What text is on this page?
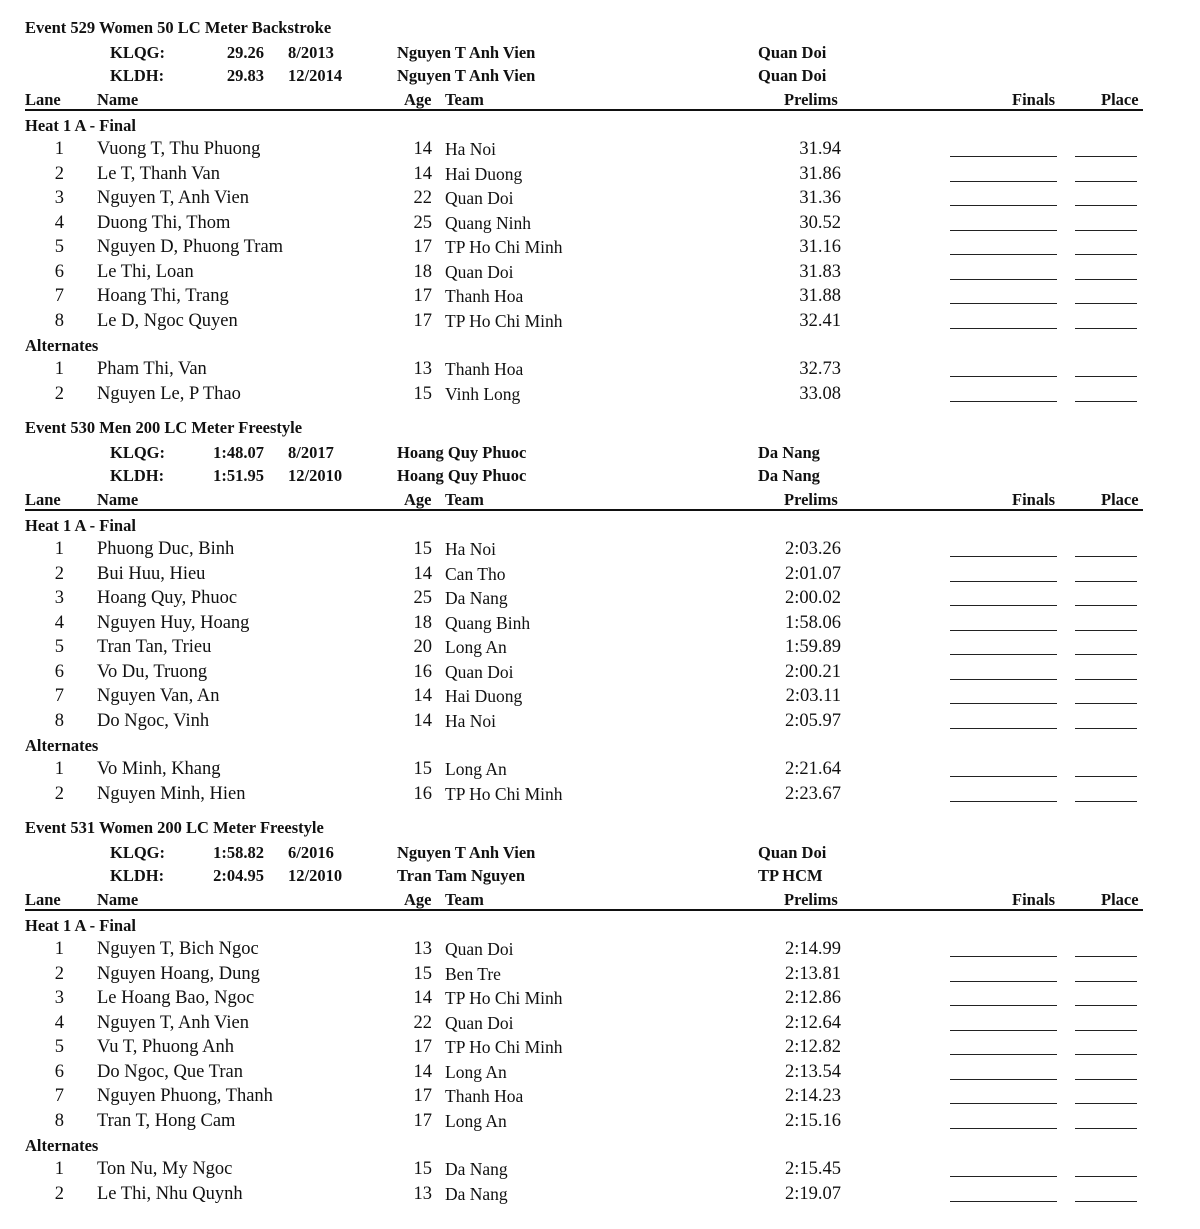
Event 529 Women 50 LC Meter Backstroke
KLQG:	29.26 8/2013	Nguyen T Anh Vien	Quan Doi
KLDH:	29.83 12/2014	Nguyen T Anh Vien	Quan Doi
Lane Name	Age Team	Prelims	Finals	Place
Heat 1 A - Final
1 Vuong T, Thu Phuong	14 Ha Noi	31.94
2 Le T, Thanh Van	14 Hai Duong	31.86
3 Nguyen T, Anh Vien	22 Quan Doi	31.36
4 Duong Thi, Thom	25 Quang Ninh	30.52
5 Nguyen D, Phuong Tram	17 TP Ho Chi Minh	31.16
6 Le Thi, Loan	18 Quan Doi	31.83
7 Hoang Thi, Trang	17 Thanh Hoa	31.88
8 Le D, Ngoc Quyen	17 TP Ho Chi Minh	32.41
Alternates
1 Pham Thi, Van	13 Thanh Hoa	32.73
2 Nguyen Le, P Thao	15 Vinh Long	33.08
Event 530 Men 200 LC Meter Freestyle
KLQG:	1:48.07 8/2017	Hoang Quy Phuoc	Da Nang
KLDH:	1:51.95 12/2010	Hoang Quy Phuoc	Da Nang
Lane Name	Age Team	Prelims	Finals	Place
Heat 1 A - Final
1 Phuong Duc, Binh	15 Ha Noi	2:03.26
2 Bui Huu, Hieu	14 Can Tho	2:01.07
3 Hoang Quy, Phuoc	25 Da Nang	2:00.02
4 Nguyen Huy, Hoang	18 Quang Binh	1:58.06
5 Tran Tan, Trieu	20 Long An	1:59.89
6 Vo Du, Truong	16 Quan Doi	2:00.21
7 Nguyen Van, An	14 Hai Duong	2:03.11
8 Do Ngoc, Vinh	14 Ha Noi	2:05.97
Alternates
1 Vo Minh, Khang	15 Long An	2:21.64
2 Nguyen Minh, Hien	16 TP Ho Chi Minh	2:23.67
Event 531 Women 200 LC Meter Freestyle
KLQG:	1:58.82 6/2016	Nguyen T Anh Vien	Quan Doi
KLDH:	2:04.95 12/2010	Tran Tam Nguyen	TP HCM
Lane Name	Age Team	Prelims	Finals	Place
Heat 1 A - Final
1 Nguyen T, Bich Ngoc	13 Quan Doi	2:14.99
2 Nguyen Hoang, Dung	15 Ben Tre	2:13.81
3 Le Hoang Bao, Ngoc	14 TP Ho Chi Minh	2:12.86
4 Nguyen T, Anh Vien	22 Quan Doi	2:12.64
5 Vu T, Phuong Anh	17 TP Ho Chi Minh	2:12.82
6 Do Ngoc, Que Tran	14 Long An	2:13.54
7 Nguyen Phuong, Thanh	17 Thanh Hoa	2:14.23
8 Tran T, Hong Cam	17 Long An	2:15.16
Alternates
1 Ton Nu, My Ngoc	15 Da Nang	2:15.45
2 Le Thi, Nhu Quynh	13 Da Nang	2:19.07
